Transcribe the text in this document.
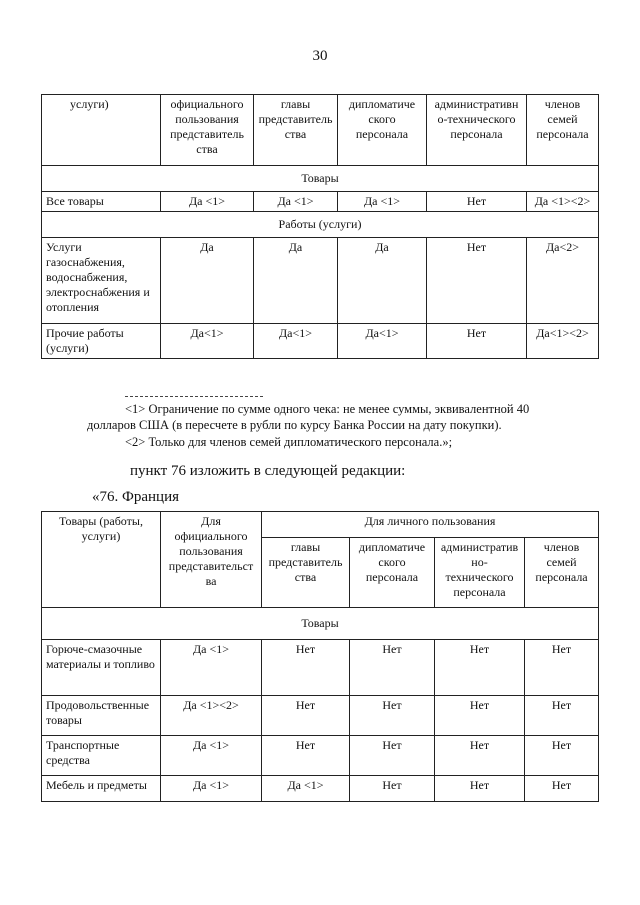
30
услуги)	официального пользования представитель ства	главы представитель ства	дипломатиче ского персонала	административн о-технического персонала	членов семей персонала
Товары					
Все товары	Да <1>	Да <1>	Да <1>	Нет	Да <1><2>
Работы (услуги)					
Услуги газоснабжения, водоснабжения, электроснабжения и отопления	Да	Да	Да	Нет	Да<2>
Прочие работы (услуги)	Да<1>	Да<1>	Да<1>	Нет	Да<1><2>
<1> Ограничение по сумме одного чека: не менее суммы, эквивалентной 40
долларов США (в пересчете в рубли по курсу Банка России на дату покупки).
<2> Только для членов семей дипломатического персонала.»;
пункт 76 изложить в следующей редакции:
«76. Франция
Товары (работы, услуги)	Для официального пользования представительст ва	Для личного пользования			
		главы представитель ства	дипломатиче ского персонала	административ но- технического персонала	членов семей персонала
Товары					
Горюче-смазочные материалы и топливо	Да <1>	Нет	Нет	Нет	Нет
Продовольственные товары	Да <1><2>	Нет	Нет	Нет	Нет
Транспортные средства	Да <1>	Нет	Нет	Нет	Нет
Мебель и предметы	Да <1>	Да <1>	Нет	Нет	Нет
